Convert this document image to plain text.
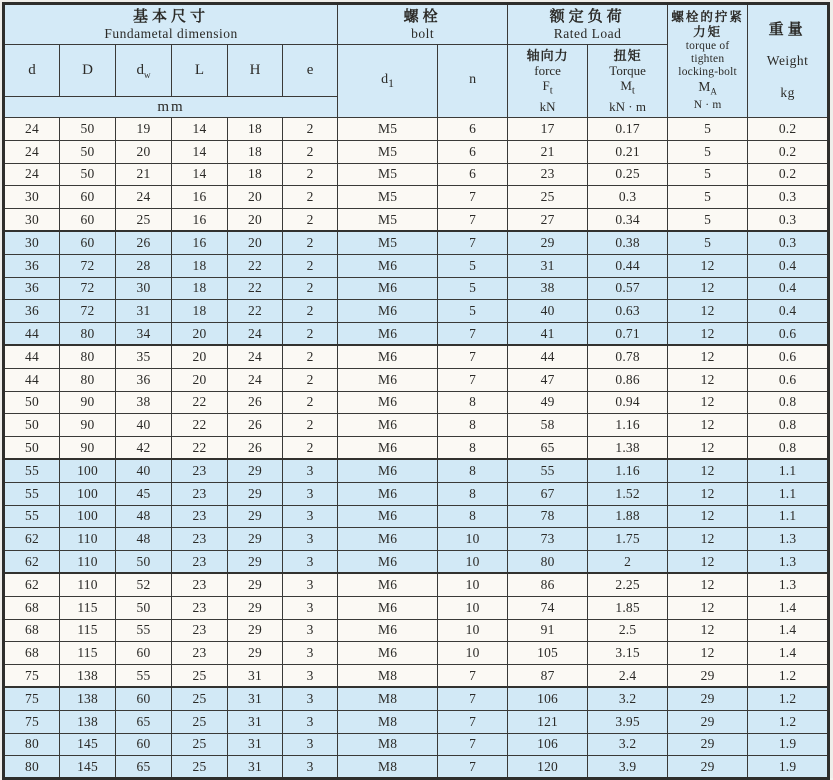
基本尺寸
Fundametal dimension

螺栓
bolt

额定负荷
Rated Load

螺栓的拧紧
力矩
torque of
tighten
locking-bolt
$M_A$
N · m

重量
Weight
kg

d	D	$d_w$	L	H	e	$d_1$	n	
轴向力
force
$F_t$
kN

扭矩
Torque
$M_t$
kN · m

mm											
24	50	19	14	18	2	M5	6	17	0.17	5	0.2
24	50	20	14	18	2	M5	6	21	0.21	5	0.2
24	50	21	14	18	2	M5	6	23	0.25	5	0.2
30	60	24	16	20	2	M5	7	25	0.3	5	0.3
30	60	25	16	20	2	M5	7	27	0.34	5	0.3
30	60	26	16	20	2	M5	7	29	0.38	5	0.3
36	72	28	18	22	2	M6	5	31	0.44	12	0.4
36	72	30	18	22	2	M6	5	38	0.57	12	0.4
36	72	31	18	22	2	M6	5	40	0.63	12	0.4
44	80	34	20	24	2	M6	7	41	0.71	12	0.6
44	80	35	20	24	2	M6	7	44	0.78	12	0.6
44	80	36	20	24	2	M6	7	47	0.86	12	0.6
50	90	38	22	26	2	M6	8	49	0.94	12	0.8
50	90	40	22	26	2	M6	8	58	1.16	12	0.8
50	90	42	22	26	2	M6	8	65	1.38	12	0.8
55	100	40	23	29	3	M6	8	55	1.16	12	1.1
55	100	45	23	29	3	M6	8	67	1.52	12	1.1
55	100	48	23	29	3	M6	8	78	1.88	12	1.1
62	110	48	23	29	3	M6	10	73	1.75	12	1.3
62	110	50	23	29	3	M6	10	80	2	12	1.3
62	110	52	23	29	3	M6	10	86	2.25	12	1.3
68	115	50	23	29	3	M6	10	74	1.85	12	1.4
68	115	55	23	29	3	M6	10	91	2.5	12	1.4
68	115	60	23	29	3	M6	10	105	3.15	12	1.4
75	138	55	25	31	3	M8	7	87	2.4	29	1.2
75	138	60	25	31	3	M8	7	106	3.2	29	1.2
75	138	65	25	31	3	M8	7	121	3.95	29	1.2
80	145	60	25	31	3	M8	7	106	3.2	29	1.9
80	145	65	25	31	3	M8	7	120	3.9	29	1.9
